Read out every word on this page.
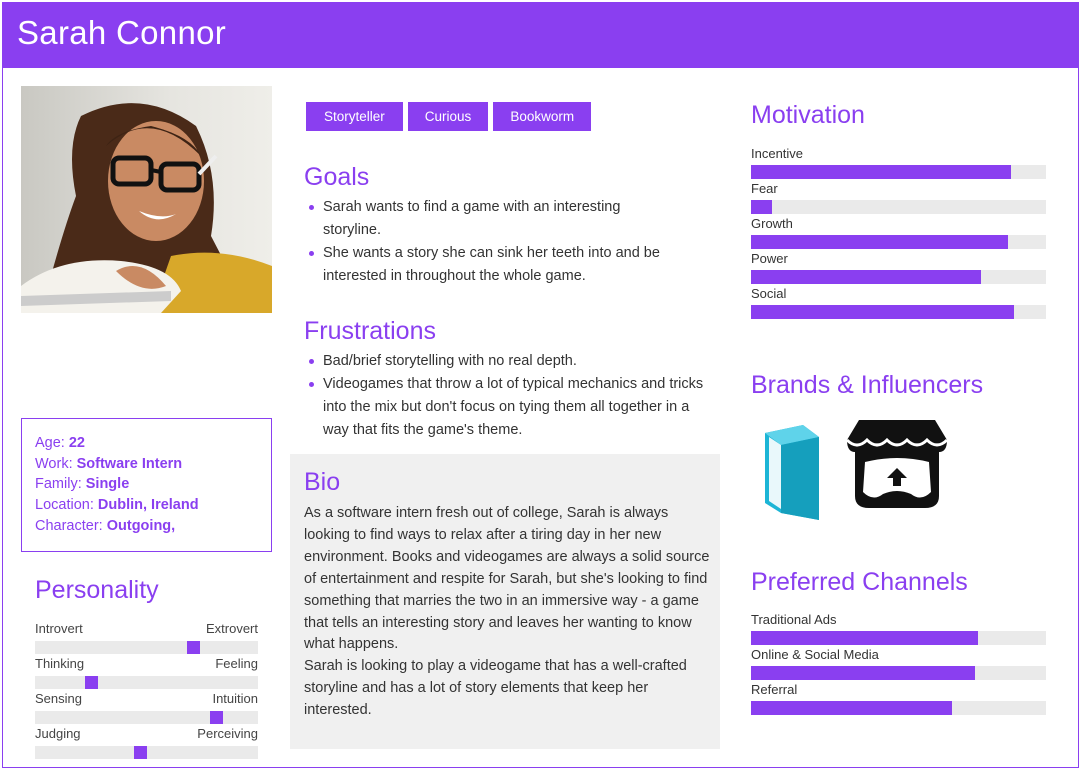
Sarah Connor
Age: 22
Work: Software Intern
Family: Single
Location: Dublin, Ireland
Character: Outgoing,
Personality
Introvert	Extrovert
Thinking	Feeling
Sensing	Intuition
Judging	Perceiving
Storyteller	Curious	Bookworm
Goals
Sarah wants to find a game with an interesting storyline.
She wants a story she can sink her teeth into and be interested in throughout the whole game.
Frustrations
Bad/brief storytelling with no real depth.
Videogames that throw a lot of typical mechanics and tricks into the mix but don't focus on tying them all together in a way that fits the game's theme.
Bio

As a software intern fresh out of college, Sarah is always looking to find ways to relax after a tiring day in her new environment. Books and videogames are always a solid source of entertainment and respite for Sarah, but she's looking to find something that marries the two in an immersive way - a game that tells an interesting story and leaves her wanting to know what happens.

Sarah is looking to play a videogame that has a well-crafted storyline and has a lot of story elements that keep her interested.

Motivation
Incentive
Fear
Growth
Power
Social
Brands & Influencers
Preferred Channels
Traditional Ads
Online & Social Media
Referral
